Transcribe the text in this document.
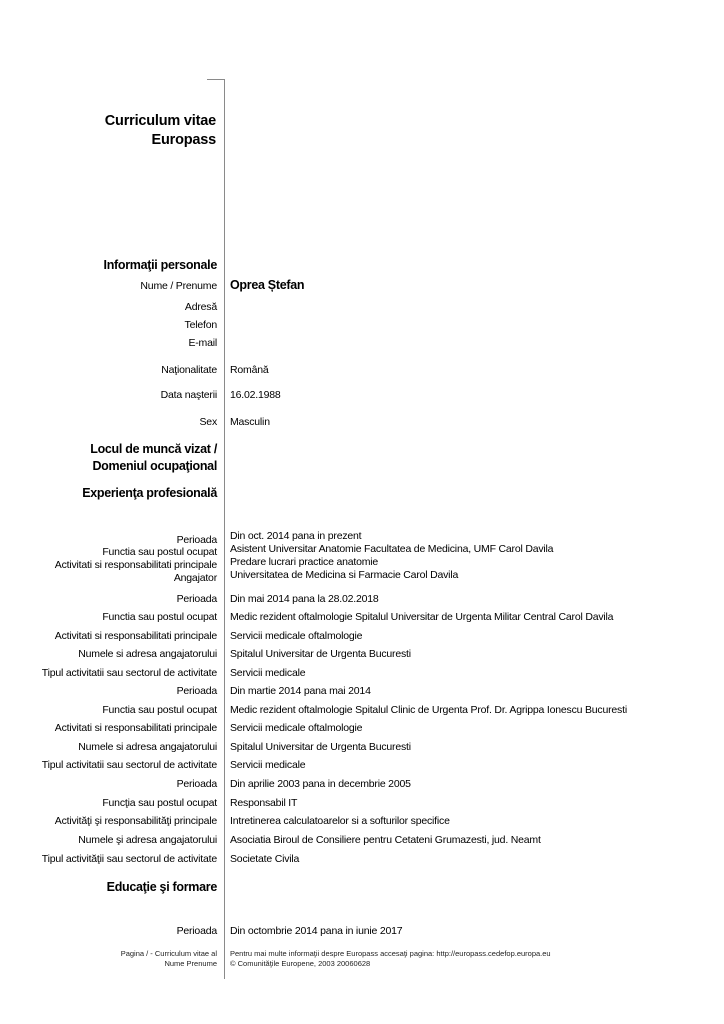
Curriculum vitae
Europass
Informaţii personale
Nume / Prenume Oprea Ștefan
Adresă
Telefon
E-mail
Naţionalitate Română
Data naşterii 16.02.1988
Sex Masculin
Locul de muncă vizat /
Domeniul ocupaţional
Experienţa profesională
Perioada Din oct. 2014 pana in prezent
Functia sau postul ocupat Asistent Universitar Anatomie Facultatea de Medicina, UMF Carol Davila
Activitati si responsabilitati principale Predare lucrari practice anatomie
Angajator Universitatea de Medicina si Farmacie Carol Davila
Perioada Din mai 2014 pana la 28.02.2018
Functia sau postul ocupat Medic rezident oftalmologie Spitalul Universitar de Urgenta Militar Central Carol Davila
Activitati si responsabilitati principale Servicii medicale oftalmologie
Numele si adresa angajatorului Spitalul Universitar de Urgenta Bucuresti
Tipul activitatii sau sectorul de activitate Servicii medicale
Perioada Din martie 2014 pana mai 2014
Functia sau postul ocupat Medic rezident oftalmologie Spitalul Clinic de Urgenta Prof. Dr. Agrippa Ionescu Bucuresti
Activitati si responsabilitati principale Servicii medicale oftalmologie
Numele si adresa angajatorului Spitalul Universitar de Urgenta Bucuresti
Tipul activitatii sau sectorul de activitate Servicii medicale
Perioada Din aprilie 2003 pana in decembrie 2005
Funcţia sau postul ocupat Responsabil IT
Activităţi şi responsabilităţi principale Intretinerea calculatoarelor si a softurilor specifice
Numele şi adresa angajatorului Asociatia Biroul de Consiliere pentru Cetateni Grumazesti, jud. Neamt
Tipul activităţii sau sectorul de activitate Societate Civila
Educaţie şi formare
Perioada Din octombrie 2014 pana in iunie 2017
Pagina / - Curriculum vitae al
Nume Prenume
Pentru mai multe informaţii despre Europass accesaţi pagina: http://europass.cedefop.europa.eu
© Comunităţile Europene, 2003 20060628
